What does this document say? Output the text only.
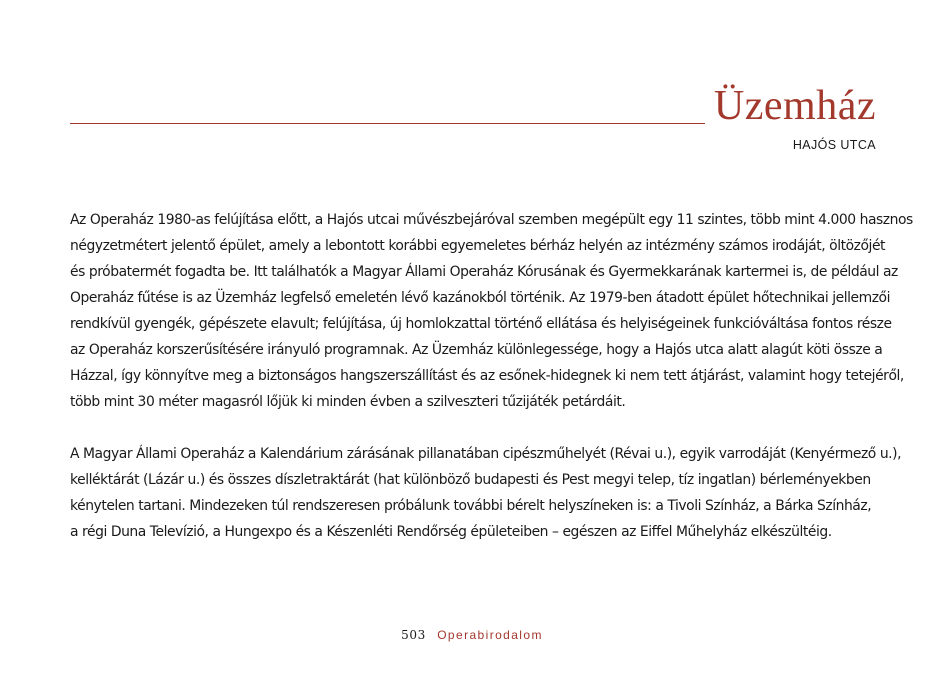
Üzemház
HAJÓS UTCA
Az Operaház 1980-as felújítása előtt, a Hajós utcai művészbejáróval szemben megépült egy 11 szintes, több mint 4.000 hasznos
négyzetmétert jelentő épület, amely a lebontott korábbi egyemeletes bérház helyén az intézmény számos irodáját, öltözőjét
és próbatermét fogadta be. Itt találhatók a Magyar Állami Operaház Kórusának és Gyermekkarának kartermei is, de például az
Operaház fűtése is az Üzemház legfelső emeletén lévő kazánokból történik. Az 1979-ben átadott épület hőtechnikai jellemzői
rendkívül gyengék, gépészete elavult; felújítása, új homlokzattal történő ellátása és helyiségeinek funkcióváltása fontos része
az Operaház korszerűsítésére irányuló programnak. Az Üzemház különlegessége, hogy a Hajós utca alatt alagút köti össze a
Házzal, így könnyítve meg a biztonságos hangszerszállítást és az esőnek-hidegnek ki nem tett átjárást, valamint hogy tetejéről,
több mint 30 méter magasról lőjük ki minden évben a szilveszteri tűzijáték petárdáit.
A Magyar Állami Operaház a Kalendárium zárásának pillanatában cipészműhelyét (Révai u.), egyik varrodáját (Kenyérmező u.),
kelléktárát (Lázár u.) és összes díszletraktárát (hat különböző budapesti és Pest megyi telep, tíz ingatlan) bérleményekben
kénytelen tartani. Mindezeken túl rendszeresen próbálunk további bérelt helyszíneken is: a Tivoli Színház, a Bárka Színház,
a régi Duna Televízió, a Hungexpo és a Készenléti Rendőrség épületeiben – egészen az Eiffel Műhelyház elkészültéig.
503 Operabirodalom
